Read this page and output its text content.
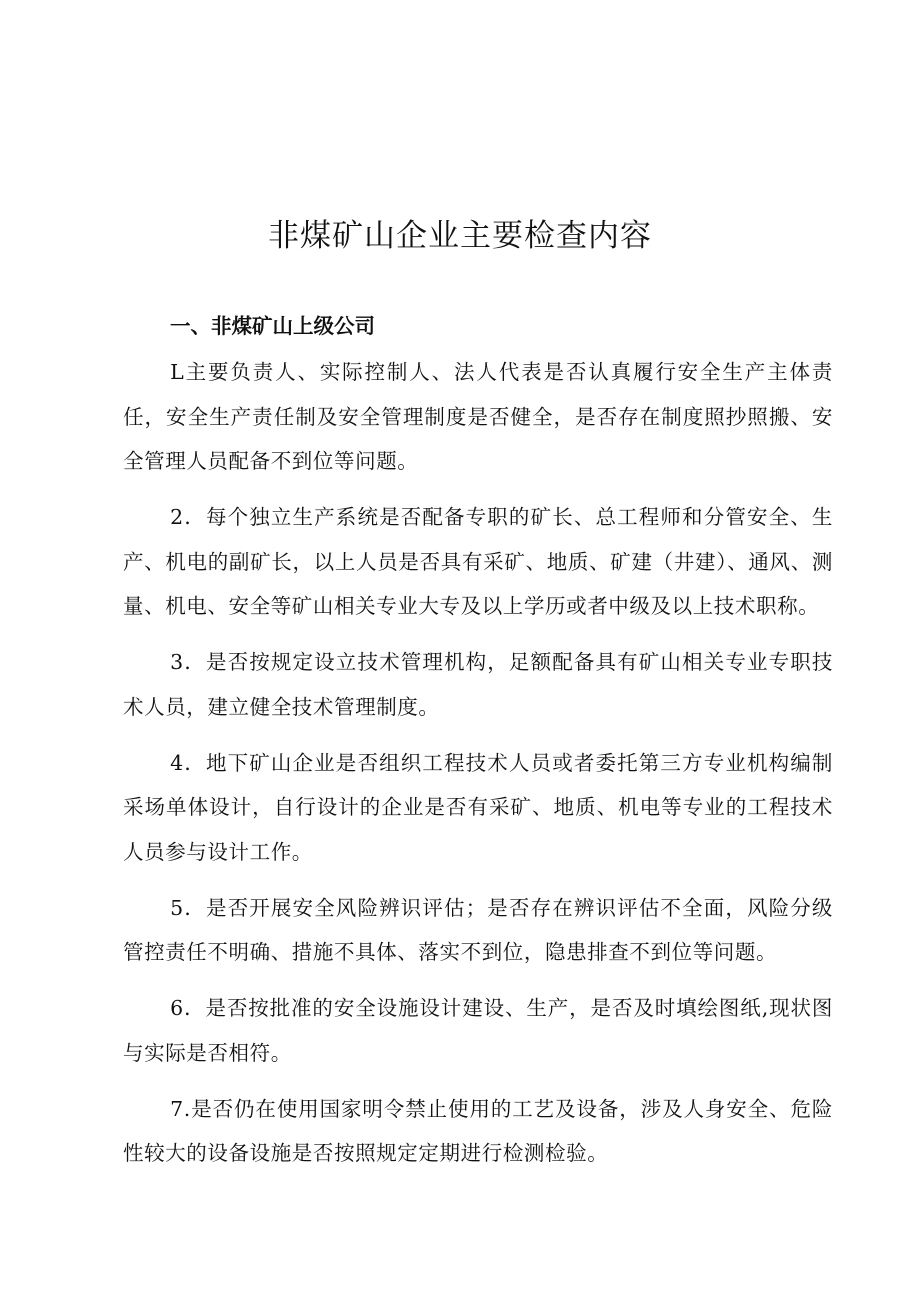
非煤矿山企业主要检查内容
一、非煤矿山上级公司

L主要负责人、实际控制人、法人代表是否认真履行安全生产主体责任，安全生产责任制及安全管理制度是否健全，是否存在制度照抄照搬、安全管理人员配备不到位等问题。

2．每个独立生产系统是否配备专职的矿长、总工程师和分管安全、生产、机电的副矿长，以上人员是否具有采矿、地质、矿建（井建）、通风、测量、机电、安全等矿山相关专业大专及以上学历或者中级及以上技术职称。

3．是否按规定设立技术管理机构，足额配备具有矿山相关专业专职技术人员，建立健全技术管理制度。

4．地下矿山企业是否组织工程技术人员或者委托第三方专业机构编制采场单体设计，自行设计的企业是否有采矿、地质、机电等专业的工程技术人员参与设计工作。

5．是否开展安全风险辨识评估；是否存在辨识评估不全面，风险分级管控责任不明确、措施不具体、落实不到位，隐患排查不到位等问题。

6．是否按批准的安全设施设计建设、生产，是否及时填绘图纸,现状图与实际是否相符。

7.是否仍在使用国家明令禁止使用的工艺及设备，涉及人身安全、危险性较大的设备设施是否按照规定定期进行检测检验。
